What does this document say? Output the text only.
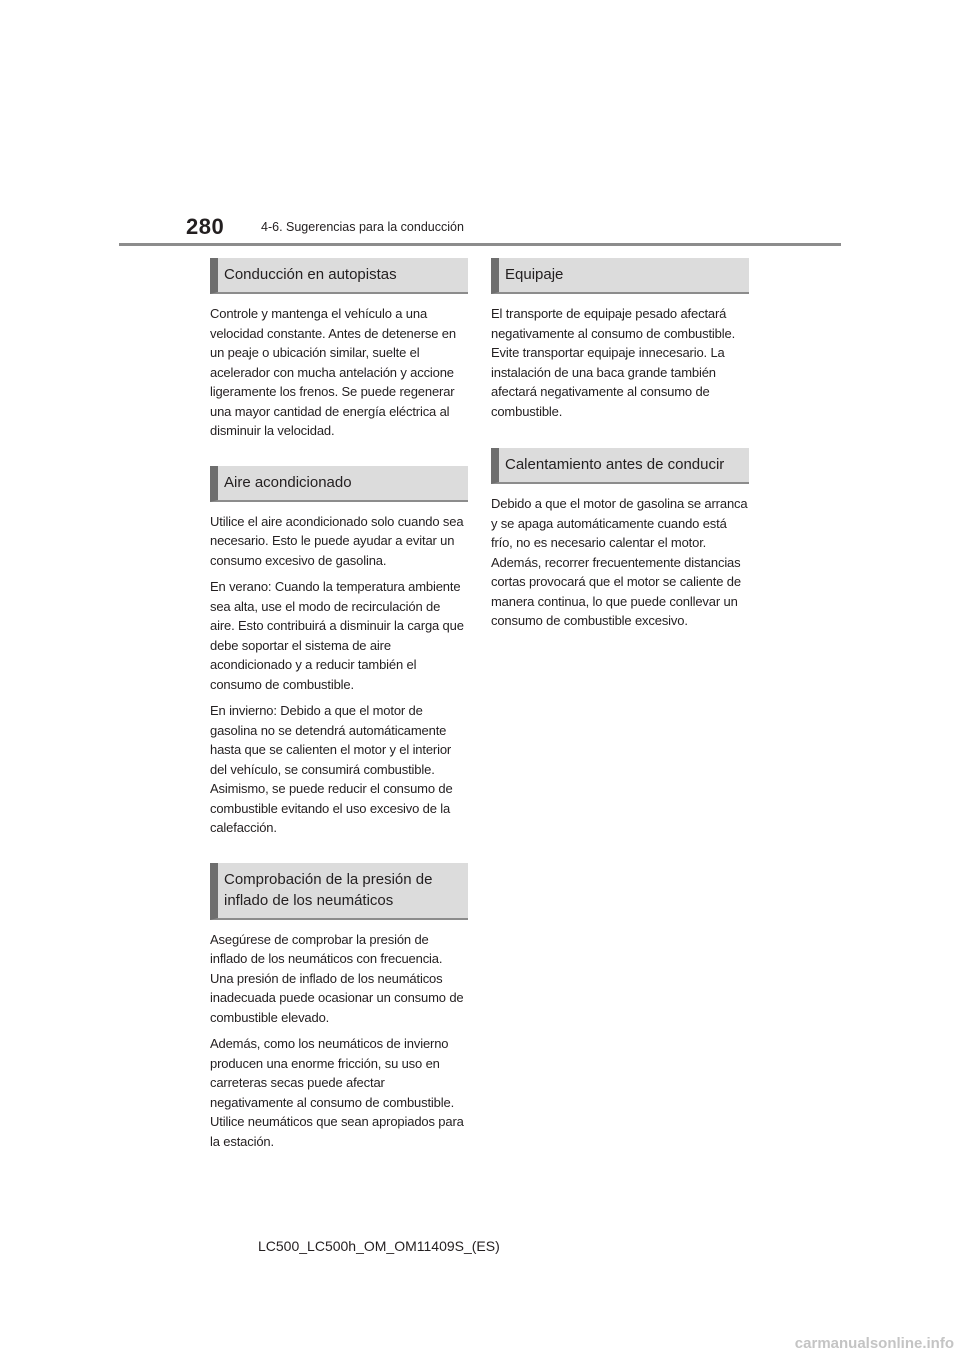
280	4-6. Sugerencias para la conducción
Conducción en autopistas

Controle y mantenga el vehículo a una velocidad constante. Antes de detenerse en un peaje o ubicación similar, suelte el acelerador con mucha antelación y accione ligeramente los frenos. Se puede regenerar una mayor cantidad de energía eléctrica al disminuir la velocidad.

Aire acondicionado

Utilice el aire acondicionado solo cuando sea necesario. Esto le puede ayudar a evitar un consumo excesivo de gasolina.

En verano: Cuando la temperatura ambiente sea alta, use el modo de recirculación de aire. Esto contribuirá a disminuir la carga que debe soportar el sistema de aire acondicionado y a reducir también el consumo de combustible.

En invierno: Debido a que el motor de gasolina no se detendrá automáticamente hasta que se calienten el motor y el interior del vehículo, se consumirá combustible. Asimismo, se puede reducir el consumo de combustible evitando el uso excesivo de la calefacción.

Comprobación de la presión de inflado de los neumáticos

Asegúrese de comprobar la presión de inflado de los neumáticos con frecuencia. Una presión de inflado de los neumáticos inadecuada puede ocasionar un consumo de combustible elevado.

Además, como los neumáticos de invierno producen una enorme fricción, su uso en carreteras secas puede afectar negativamente al consumo de combustible. Utilice neumáticos que sean apropiados para la estación.

Equipaje

El transporte de equipaje pesado afectará negativamente al consumo de combustible. Evite transportar equipaje innecesario. La instalación de una baca grande también afectará negativamente al consumo de combustible.

Calentamiento antes de conducir

Debido a que el motor de gasolina se arranca y se apaga automáticamente cuando está frío, no es necesario calentar el motor. Además, recorrer frecuentemente distancias cortas provocará que el motor se caliente de manera continua, lo que puede conllevar un consumo de combustible excesivo.

LC500_LC500h_OM_OM11409S_(ES)
carmanualsonline.info
